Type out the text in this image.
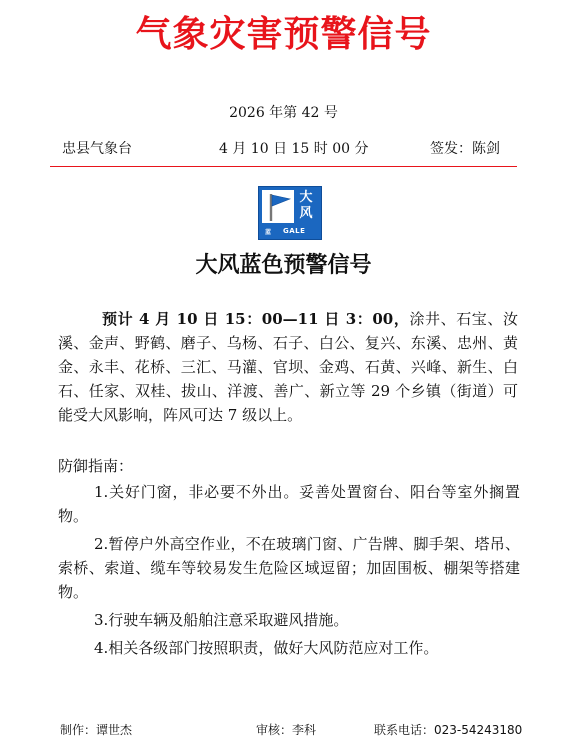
气象灾害预警信号
2026 年第 42 号
忠县气象台	4 月 10 日 15 时 00 分	签发：陈剑
大风
蓝 GALE
大风蓝色预警信号
预计 4 月 10 日 15：00—11 日 3：00，涂井、石宝、汝溪、金声、野鹤、磨子、乌杨、石子、白公、复兴、东溪、忠州、黄金、永丰、花桥、三汇、马灌、官坝、金鸡、石黄、兴峰、新生、白石、任家、双桂、拔山、洋渡、善广、新立等 29 个乡镇（街道）可能受大风影响，阵风可达 7 级以上。
防御指南：

1.关好门窗，非必要不外出。妥善处置窗台、阳台等室外搁置物。

2.暂停户外高空作业，不在玻璃门窗、广告牌、脚手架、塔吊、索桥、索道、缆车等较易发生危险区域逗留；加固围板、棚架等搭建物。

3.行驶车辆及船舶注意采取避风措施。

4.相关各级部门按照职责，做好大风防范应对工作。

制作：谭世杰	审核：李科	联系电话：023-54243180
